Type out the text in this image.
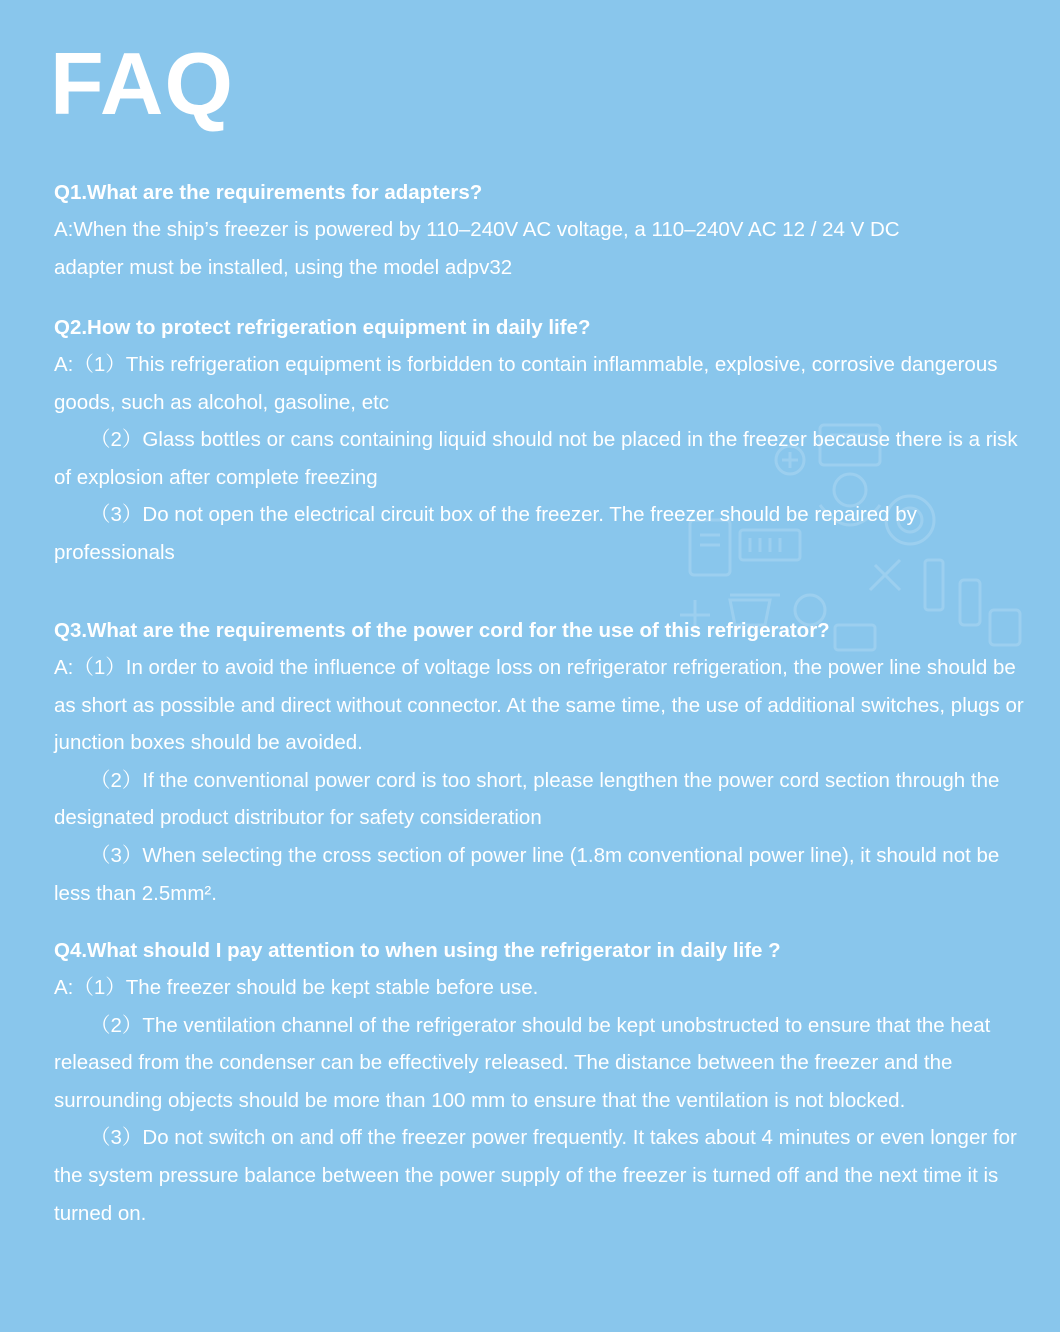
FAQ

Q1.What are the requirements for adapters?

A:When the ship’s freezer is powered by 110–240V AC voltage, a 110–240V AC 12 / 24 V DC adapter must be installed, using the model adpv32

Q2.How to protect refrigeration equipment in daily life?

A:（1）This refrigeration equipment is forbidden to contain inflammable, explosive, corrosive dangerous goods, such as alcohol, gasoline, etc

（2）Glass bottles or cans containing liquid should not be placed in the freezer because there is a risk of explosion after complete freezing

（3）Do not open the electrical circuit box of the freezer. The freezer should be repaired by professionals

Q3.What are the requirements of the power cord for the use of this refrigerator?

A:（1）In order to avoid the influence of voltage loss on refrigerator refrigeration, the power line should be as short as possible and direct without connector. At the same time, the use of additional switches, plugs or junction boxes should be avoided.

（2）If the conventional power cord is too short, please lengthen the power cord section through the designated product distributor for safety consideration

（3）When selecting the cross section of power line (1.8m conventional power line), it should not be less than 2.5mm².

Q4.What should I pay attention to when using the refrigerator in daily life ?

A:（1）The freezer should be kept stable before use.

（2）The ventilation channel of the refrigerator should be kept unobstructed to ensure that the heat released from the condenser can be effectively released. The distance between the freezer and the surrounding objects should be more than 100 mm to ensure that the ventilation is not blocked.

（3）Do not switch on and off the freezer power frequently. It takes about 4 minutes or even longer for the system pressure balance between the power supply of the freezer is turned off and the next time it is turned on.
